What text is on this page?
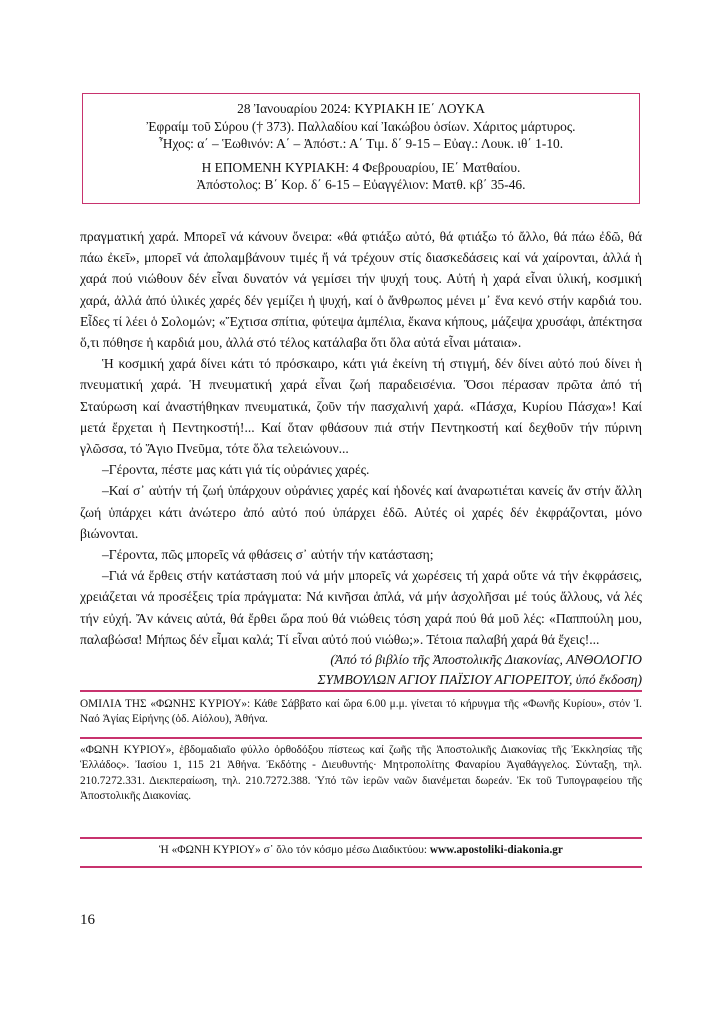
28 Ἰανουαρίου 2024: ΚΥΡΙΑΚΗ ΙΕ΄ ΛΟΥΚΑ
Ἐφραίμ τοῦ Σύρου († 373). Παλλαδίου καί Ἰακώβου ὁσίων. Χάριτος μάρτυρος.
Ἦχος: α΄ – Ἑωθινόν: Α΄ – Ἀπόστ.: Α΄ Τιμ. δ΄ 9-15 – Εὐαγ.: Λουκ. ιθ΄ 1-10.
Η ΕΠΟΜΕΝΗ ΚΥΡΙΑΚΗ: 4 Φεβρουαρίου, ΙΕ΄ Ματθαίου.
Ἀπόστολος: Β΄ Κορ. δ΄ 6-15 – Εὐαγγέλιον: Ματθ. κβ΄ 35-46.

πραγματική χαρά. Μπορεῖ νά κάνουν ὄνειρα: «θά φτιάξω αὐτό, θά φτιάξω τό ἄλλο, θά πάω ἐδῶ, θά πάω ἐκεῖ», μπορεῖ νά ἀπολαμβάνουν τιμές ἤ νά τρέχουν στίς διασκεδάσεις καί νά χαίρονται, ἀλλά ἡ χαρά πού νιώθουν δέν εἶναι δυνατόν νά γεμίσει τήν ψυχή τους. Αὐτή ἡ χαρά εἶναι ὑλική, κοσμική χαρά, ἀλλά ἀπό ὑλικές χαρές δέν γεμίζει ἡ ψυχή, καί ὁ ἄνθρωπος μένει μ᾽ ἕνα κενό στήν καρδιά του. Εἶδες τί λέει ὁ Σολομών; «Ἔχτισα σπίτια, φύτεψα ἀμπέλια, ἔκανα κήπους, μάζεψα χρυσάφι, ἀπέκτησα ὅ,τι πόθησε ἡ καρδιά μου, ἀλλά στό τέλος κατάλαβα ὅτι ὅλα αὐτά εἶναι μάταια».

Ἡ κοσμική χαρά δίνει κάτι τό πρόσκαιρο, κάτι γιά ἐκείνη τή στιγμή, δέν δίνει αὐτό πού δίνει ἡ πνευματική χαρά. Ἡ πνευματική χαρά εἶναι ζωή παραδεισένια. Ὅσοι πέρασαν πρῶτα ἀπό τή Σταύρωση καί ἀναστήθηκαν πνευματικά, ζοῦν τήν πασχαλινή χαρά. «Πάσχα, Κυρίου Πάσχα»! Καί μετά ἔρχεται ἡ Πεντηκοστή!... Καί ὅταν φθάσουν πιά στήν Πεντηκοστή καί δεχθοῦν τήν πύρινη γλῶσσα, τό Ἅγιο Πνεῦμα, τότε ὅλα τελειώνουν...

–Γέροντα, πέστε μας κάτι γιά τίς οὐράνιες χαρές.

–Καί σ᾽ αὐτήν τή ζωή ὑπάρχουν οὐράνιες χαρές καί ἡδονές καί ἀναρωτιέται κανείς ἄν στήν ἄλλη ζωή ὑπάρχει κάτι ἀνώτερο ἀπό αὐτό πού ὑπάρχει ἐδῶ. Αὐτές οἱ χαρές δέν ἐκφράζονται, μόνο βιώνονται.

–Γέροντα, πῶς μπορεῖς νά φθάσεις σ᾽ αὐτήν τήν κατάσταση;

–Γιά νά ἔρθεις στήν κατάσταση πού νά μήν μπορεῖς νά χωρέσεις τή χαρά οὔτε νά τήν ἐκφράσεις, χρειάζεται νά προσέξεις τρία πράγματα: Νά κινῆσαι ἁπλά, νά μήν ἀσχολῆσαι μέ τούς ἄλλους, νά λές τήν εὐχή. Ἄν κάνεις αὐτά, θά ἔρθει ὥρα πού θά νιώθεις τόση χαρά πού θά μοῦ λές: «Παππούλη μου, παλαβώσα! Μήπως δέν εἶμαι καλά; Τί εἶναι αὐτό πού νιώθω;». Τέτοια παλαβή χαρά θά ἔχεις!...

(Ἀπό τό βιβλίο τῆς Ἀποστολικῆς Διακονίας, ΑΝΘΟΛΟΓΙΟ
ΣΥΜΒΟΥΛΩΝ ΑΓΙΟΥ ΠΑΪΣΙΟΥ ΑΓΙΟΡΕΙΤΟΥ, ὑπό ἔκδοση)

ΟΜΙΛΙΑ ΤΗΣ «ΦΩΝΗΣ ΚΥΡΙΟΥ»: Κάθε Σάββατο καί ὥρα 6.00 μ.μ. γίνεται τό κήρυγμα τῆς «Φωνῆς Κυρίου», στόν Ἱ. Ναό Ἁγίας Εἰρήνης (ὁδ. Αἰόλου), Ἀθήνα.
«ΦΩΝΗ ΚΥΡΙΟΥ», ἑβδομαδιαῖο φύλλο ὀρθοδόξου πίστεως καί ζωῆς τῆς Ἀποστολικῆς Διακονίας τῆς Ἐκκλησίας τῆς Ἑλλάδος». Ἰασίου 1, 115 21 Ἀθήνα. Ἐκδότης - Διευθυντής· Μητροπολίτης Φαναρίου Ἀγαθάγγελος. Σύνταξη, τηλ. 210.7272.331. Διεκπεραίωση, τηλ. 210.7272.388. Ὑπό τῶν ἱερῶν ναῶν διανέμεται δωρεάν. Ἐκ τοῦ Τυπογραφείου τῆς Ἀποστολικῆς Διακονίας.
Ἡ «ΦΩΝΗ ΚΥΡΙΟΥ» σ᾽ ὅλο τόν κόσμο μέσω Διαδικτύου: www.apostoliki-diakonia.gr
16
